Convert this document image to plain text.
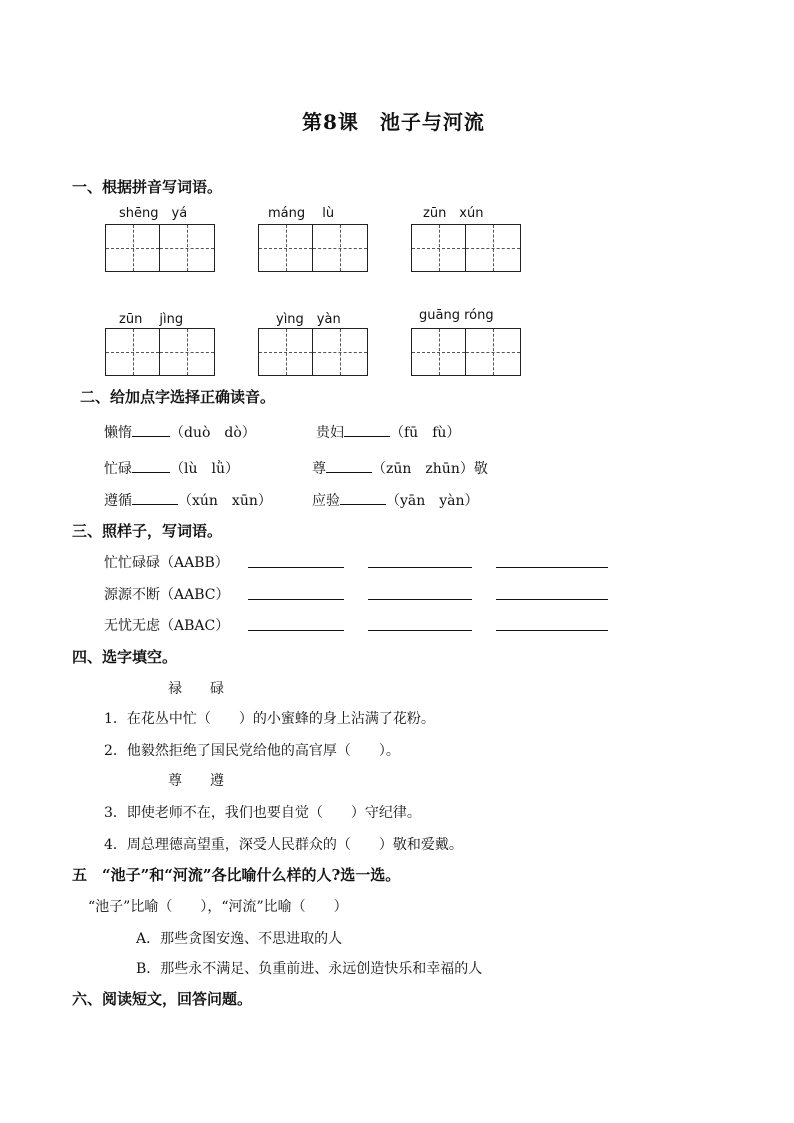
第8课　池子与河流
一、根据拼音写词语。
shēng　yá	máng　 lù	zūn　xún
zūn　 jìng	yìng　yàn	guāng róng
二、给加点字选择正确读音。
懒惰	（duò　dò）	贵妇	（fū　fù）
忙碌	（lù　lǜ）	尊	（zūn　zhūn）敬
遵循	（xún　xūn）	应验	（yān　yàn）
三、照样子，写词语。
忙忙碌碌（AABB）
源源不断（AABC）
无忧无虑（ABAC）
四、选字填空。
禄　　碌
1．在花丛中忙（　　）的小蜜蜂的身上沾满了花粉。
2．他毅然拒绝了国民党给他的高官厚（　　）。
尊　　遵
3．即使老师不在，我们也要自觉（　　）守纪律。
4．周总理德高望重，深受人民群众的（　　）敬和爱戴。
五　“池子”和“河流”各比喻什么样的人?选一选。
“池子”比喻（　　），“河流”比喻（　　）
A．那些贪图安逸、不思进取的人
B．那些永不满足、负重前进、永远创造快乐和幸福的人
六、阅读短文，回答问题。
